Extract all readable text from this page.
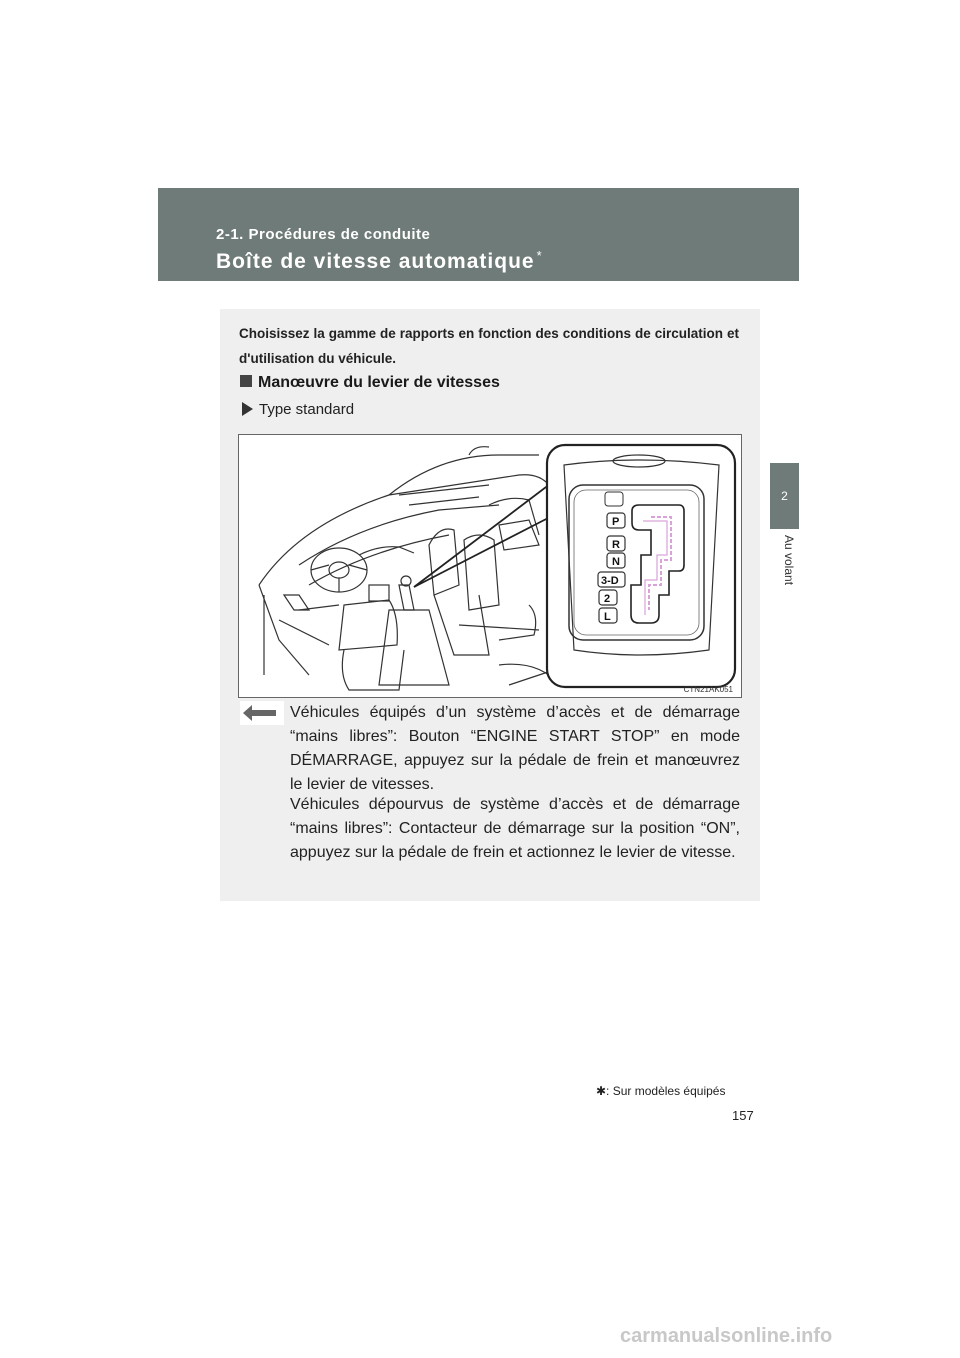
2-1. Procédures de conduite
Boîte de vitesse automatique *
2
Au volant
Choisissez la gamme de rapports en fonction des conditions de circulation et d'utilisation du véhicule.
Manœuvre du levier de vitesses
Type standard
P
R
N
3-D
2
L
CTN21AK051
Véhicules équipés d’un système d’accès et de démarrage “mains libres”: Bouton “ENGINE START STOP” en mode DÉMARRAGE, appuyez sur la pédale de frein et manœuvrez le levier de vitesses.
Véhicules dépourvus de système d’accès et de démarrage “mains libres”: Contacteur de démarrage sur la position “ON”, appuyez sur la pédale de frein et actionnez le levier de vitesse.
✱: Sur modèles équipés
157
carmanualsonline.info
